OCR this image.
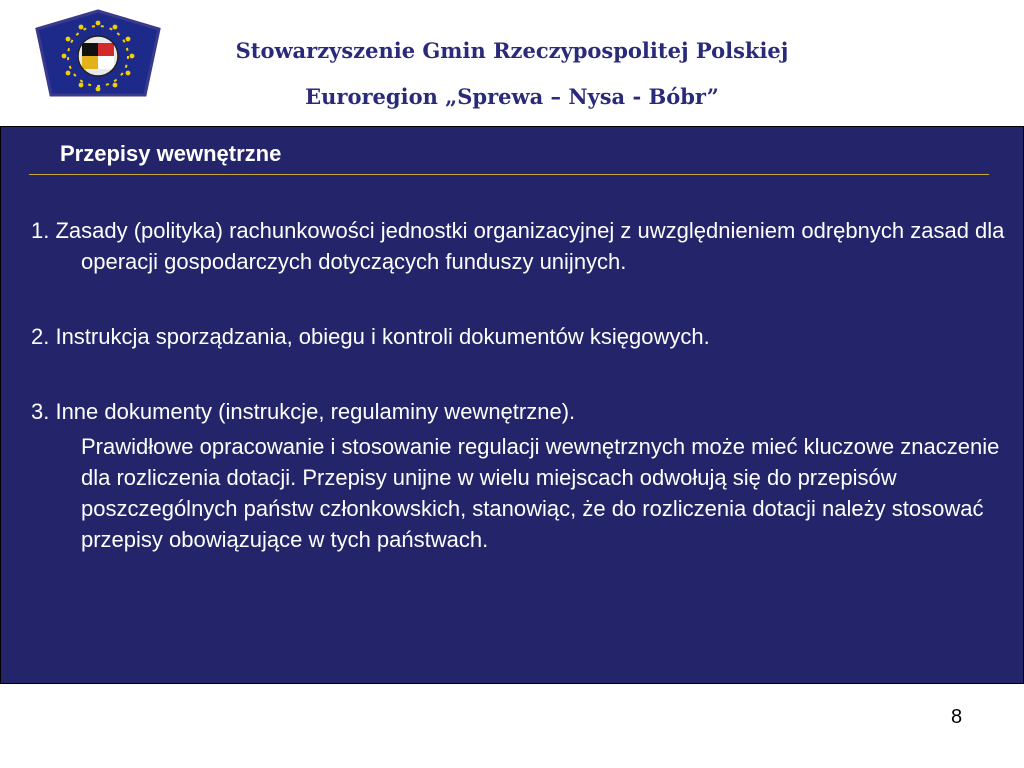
Stowarzyszenie Gmin Rzeczypospolitej Polskiej
Euroregion „Sprewa – Nysa - Bóbr”
Przepisy wewnętrzne

1. Zasady (polityka) rachunkowości jednostki organizacyjnej z uwzględnieniem odrębnych zasad dla operacji gospodarczych dotyczących funduszy unijnych.

2. Instrukcja sporządzania, obiegu i kontroli dokumentów księgowych.

3. Inne dokumenty (instrukcje, regulaminy wewnętrzne).

Prawidłowe opracowanie i stosowanie regulacji wewnętrznych może mieć kluczowe znaczenie dla rozliczenia dotacji. Przepisy unijne w wielu miejscach odwołują się do przepisów poszczególnych państw członkowskich, stanowiąc, że do rozliczenia dotacji należy stosować przepisy obowiązujące w tych państwach.

8
